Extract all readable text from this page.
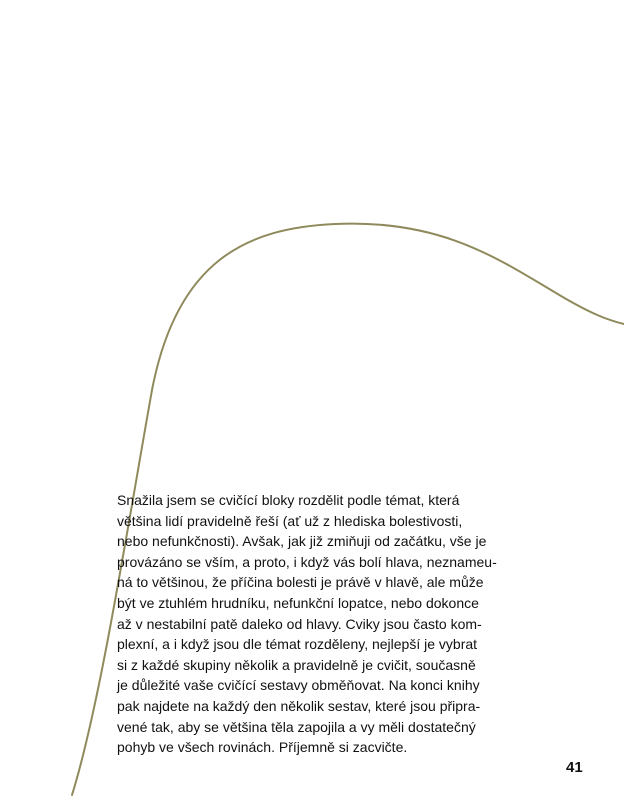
Snažila jsem se cvičící bloky rozdělit podle témat, která
většina lidí pravidelně řeší (ať už z hlediska bolestivosti,
nebo nefunkčnosti). Avšak, jak již zmiňuji od začátku, vše je
provázáno se vším, a proto, i když vás bolí hlava, neznameu-
ná to většinou, že příčina bolesti je právě v hlavě, ale může
být ve ztuhlém hrudníku, nefunkční lopatce, nebo dokonce
až v nestabilní patě daleko od hlavy. Cviky jsou často kom-
plexní, a i když jsou dle témat rozděleny, nejlepší je vybrat
si z každé skupiny několik a pravidelně je cvičit, současně
je důležité vaše cvičící sestavy obměňovat. Na konci knihy
pak najdete na každý den několik sestav, které jsou připra-
vené tak, aby se většina těla zapojila a vy měli dostatečný
pohyb ve všech rovinách. Příjemně si zacvičte.
41
